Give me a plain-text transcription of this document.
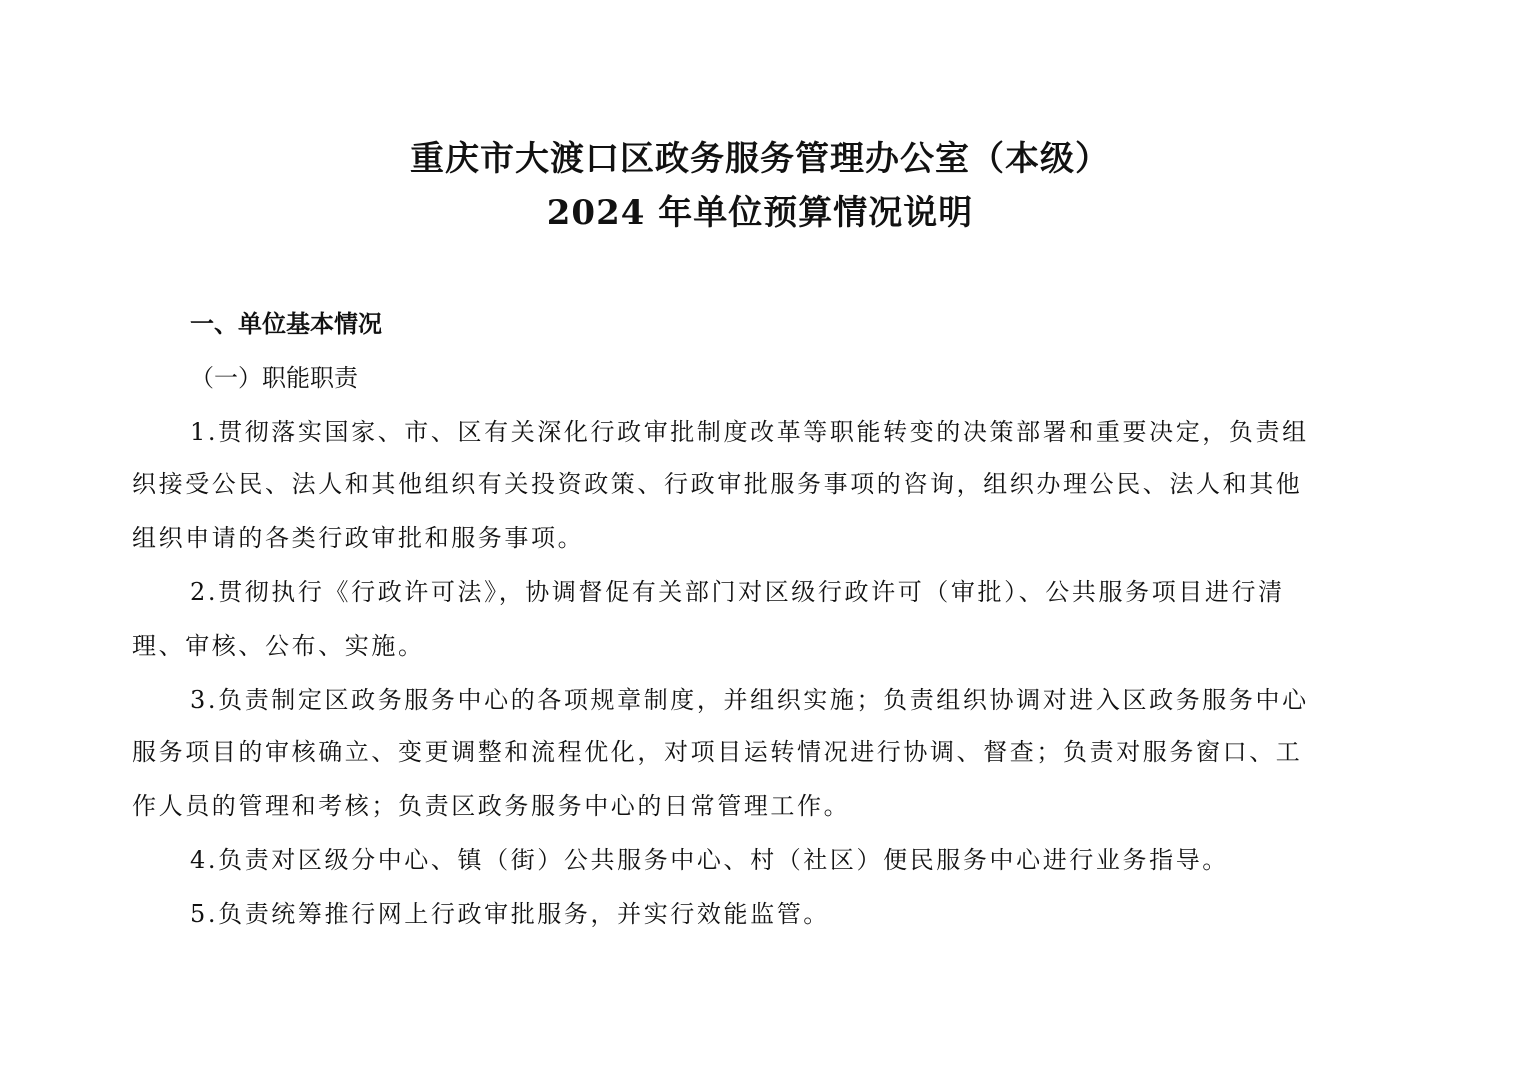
重庆市大渡口区政务服务管理办公室（本级）
2024 年单位预算情况说明
一、单位基本情况
（一）职能职责
1.贯彻落实国家、市、区有关深化行政审批制度改革等职能转变的决策部署和重要决定，负责组
织接受公民、法人和其他组织有关投资政策、行政审批服务事项的咨询，组织办理公民、法人和其他
组织申请的各类行政审批和服务事项。
2.贯彻执行《行政许可法》，协调督促有关部门对区级行政许可（审批）、公共服务项目进行清
理、审核、公布、实施。
3.负责制定区政务服务中心的各项规章制度，并组织实施；负责组织协调对进入区政务服务中心
服务项目的审核确立、变更调整和流程优化，对项目运转情况进行协调、督查；负责对服务窗口、工
作人员的管理和考核；负责区政务服务中心的日常管理工作。
4.负责对区级分中心、镇（街）公共服务中心、村（社区）便民服务中心进行业务指导。
5.负责统筹推行网上行政审批服务，并实行效能监管。
